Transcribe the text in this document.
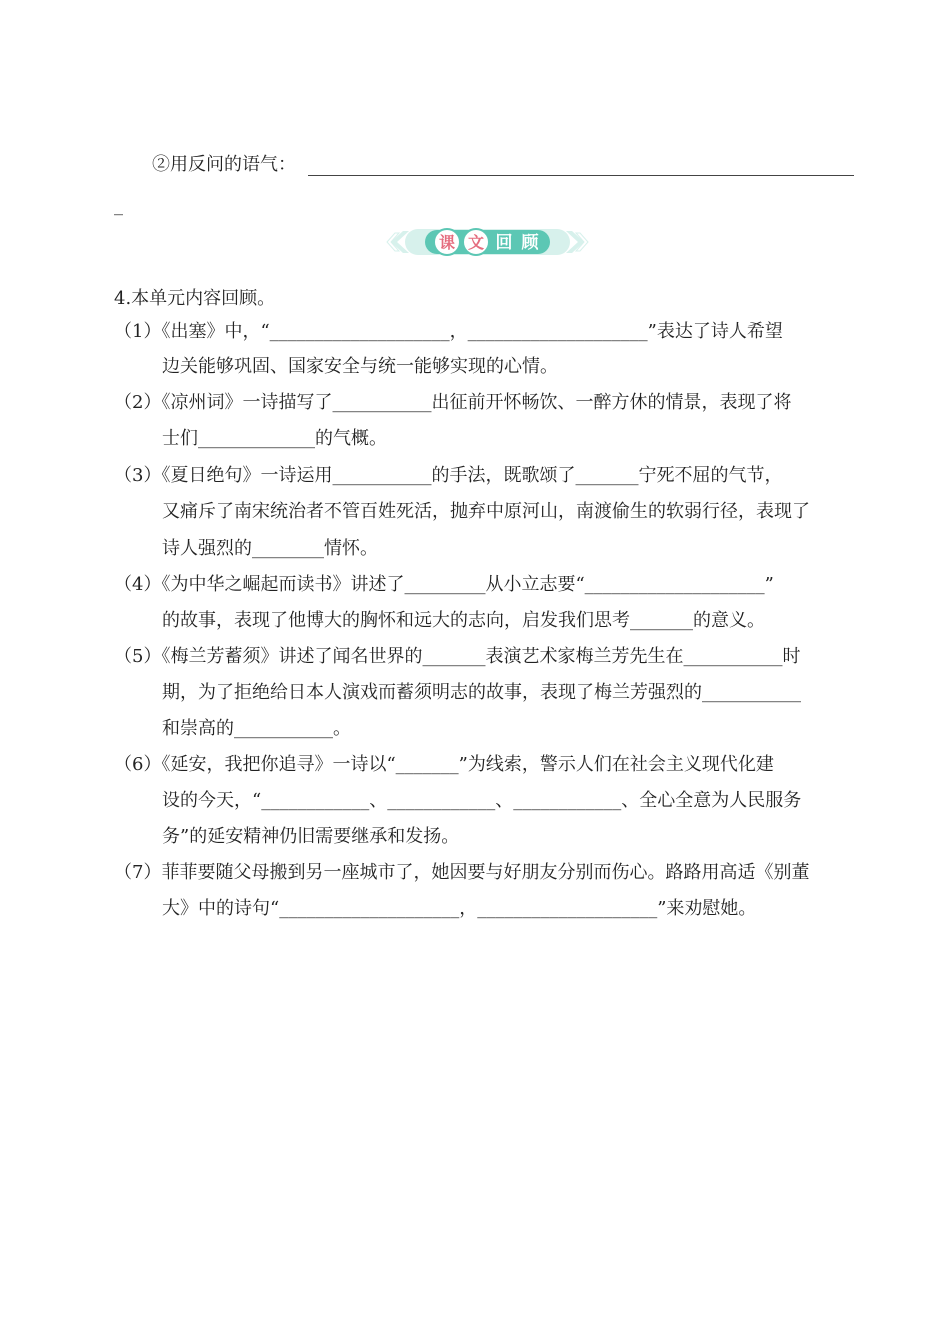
②用反问的语气：
_
课 文 回 顾
4.本单元内容回顾。
（1）《出塞》中，“____________________，____________________”表达了诗人希望
边关能够巩固、国家安全与统一能够实现的心情。
（2）《凉州词》一诗描写了___________出征前开怀畅饮、一醉方休的情景，表现了将
士们_____________的气概。
（3）《夏日绝句》一诗运用___________的手法，既歌颂了_______宁死不屈的气节，
又痛斥了南宋统治者不管百姓死活，抛弃中原河山，南渡偷生的软弱行径，表现了
诗人强烈的________情怀。
（4）《为中华之崛起而读书》讲述了_________从小立志要“____________________”
的故事，表现了他博大的胸怀和远大的志向，启发我们思考_______的意义。
（5）《梅兰芳蓄须》讲述了闻名世界的_______表演艺术家梅兰芳先生在___________时
期，为了拒绝给日本人演戏而蓄须明志的故事，表现了梅兰芳强烈的___________
和崇高的___________。
（6）《延安，我把你追寻》一诗以“_______”为线索，警示人们在社会主义现代化建
设的今天，“____________、____________、____________、全心全意为人民服务
务”的延安精神仍旧需要继承和发扬。
（7）菲菲要随父母搬到另一座城市了，她因要与好朋友分别而伤心。路路用高适《别董
大》中的诗句“____________________，____________________”来劝慰她。
